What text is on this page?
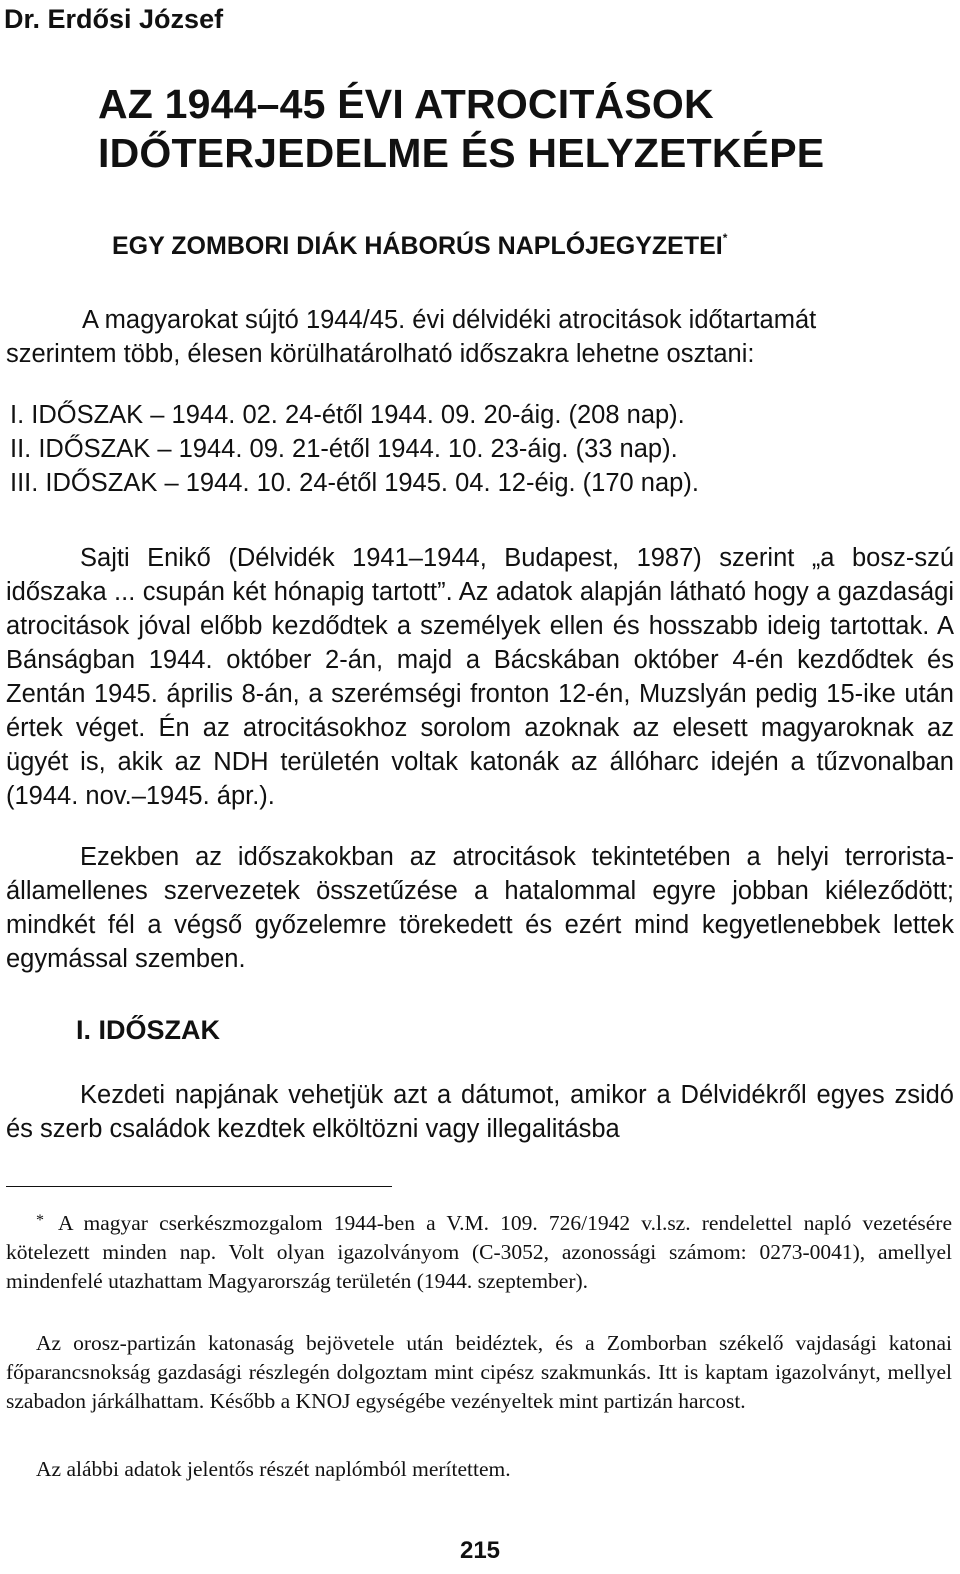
Dr. Erdősi József
AZ 1944–45 ÉVI ATROCITÁSOK
IDŐTERJEDELME ÉS HELYZETKÉPE
EGY ZOMBORI DIÁK HÁBORÚS NAPLÓJEGYZETEI*
A magyarokat sújtó 1944/45. évi délvidéki atrocitások időtartamát
szerintem több, élesen körülhatárolható időszakra lehetne osztani:
I. IDŐSZAK – 1944. 02. 24-étől 1944. 09. 20-áig. (208 nap).
II. IDŐSZAK – 1944. 09. 21-étől 1944. 10. 23-áig. (33 nap).
III. IDŐSZAK – 1944. 10. 24-étől 1945. 04. 12-éig. (170 nap).

Sajti Enikő (Délvidék 1941–1944, Budapest, 1987) szerint „a bosz-szú időszaka ... csupán két hónapig tartott”. Az adatok alapján látható hogy a gazdasági atrocitások jóval előbb kezdődtek a személyek ellen és hosszabb ideig tartottak. A Bánságban 1944. október 2-án, majd a Bácskában október 4-én kezdődtek és Zentán 1945. április 8-án, a szerémségi fronton 12-én, Muzslyán pedig 15-ike után értek véget. Én az atrocitásokhoz sorolom azoknak az elesett magyaroknak az ügyét is, akik az NDH területén voltak katonák az állóharc idején a tűzvonalban (1944. nov.–1945. ápr.).

Ezekben az időszakokban az atrocitások tekintetében a helyi terrorista-államellenes szervezetek összetűzése a hatalommal egyre jobban kiéleződött; mindkét fél a végső győzelemre törekedett és ezért mind kegyetlenebbek lettek egymással szemben.

I. IDŐSZAK

Kezdeti napjának vehetjük azt a dátumot, amikor a Délvidékről egyes zsidó és szerb családok kezdtek elköltözni vagy illegalitásba

* A magyar cserkészmozgalom 1944-ben a V.M. 109. 726/1942 v.l.sz. rendelettel napló vezetésére kötelezett minden nap. Volt olyan igazolványom (C-3052, azonossági számom: 0273-0041), amellyel mindenfelé utazhattam Magyarország területén (1944. szeptember).

Az orosz-partizán katonaság bejövetele után beidéztek, és a Zomborban székelő vajdasági katonai főparancsnokság gazdasági részlegén dolgoztam mint cipész szakmunkás. Itt is kaptam igazolványt, mellyel szabadon járkálhattam. Később a KNOJ egységébe vezényeltek mint partizán harcost.

Az alábbi adatok jelentős részét naplómból merítettem.

215
